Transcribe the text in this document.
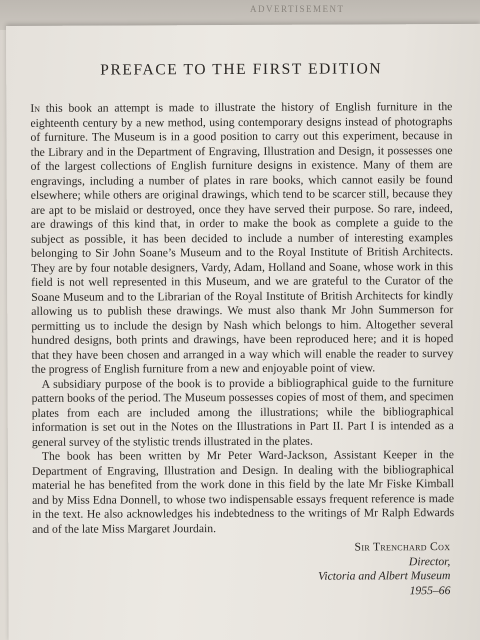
ADVERTISEMENT
PREFACE TO THE FIRST EDITION

In this book an attempt is made to illustrate the history of English furniture in the eighteenth century by a new method, using contemporary designs instead of photographs of furniture. The Museum is in a good position to carry out this experiment, because in the Library and in the Department of Engraving, Illustration and Design, it possesses one of the largest collections of English furniture designs in existence. Many of them are engravings, including a number of plates in rare books, which cannot easily be found elsewhere; while others are original drawings, which tend to be scarcer still, because they are apt to be mislaid or destroyed, once they have served their purpose. So rare, indeed, are drawings of this kind that, in order to make the book as complete a guide to the subject as possible, it has been decided to include a number of interesting examples belonging to Sir John Soane’s Museum and to the Royal Institute of British Architects. They are by four notable designers, Vardy, Adam, Holland and Soane, whose work in this field is not well represented in this Museum, and we are grateful to the Curator of the Soane Museum and to the Librarian of the Royal Institute of British Architects for kindly allowing us to publish these drawings. We must also thank Mr John Summerson for permitting us to include the design by Nash which belongs to him. Altogether several hundred designs, both prints and drawings, have been reproduced here; and it is hoped that they have been chosen and arranged in a way which will enable the reader to survey the progress of English furniture from a new and enjoyable point of view.

A subsidiary purpose of the book is to provide a bibliographical guide to the furniture pattern books of the period. The Museum possesses copies of most of them, and specimen plates from each are included among the illustrations; while the bibliographical information is set out in the Notes on the Illustrations in Part II. Part I is intended as a general survey of the stylistic trends illustrated in the plates.

The book has been written by Mr Peter Ward-Jackson, Assistant Keeper in the Department of Engraving, Illustration and Design. In dealing with the bibliographical material he has benefited from the work done in this field by the late Mr Fiske Kimball and by Miss Edna Donnell, to whose two indispensable essays frequent reference is made in the text. He also acknowledges his indebtedness to the writings of Mr Ralph Edwards and of the late Miss Margaret Jourdain.

Sir Trenchard Cox
Director,
Victoria and Albert Museum
1955–66
